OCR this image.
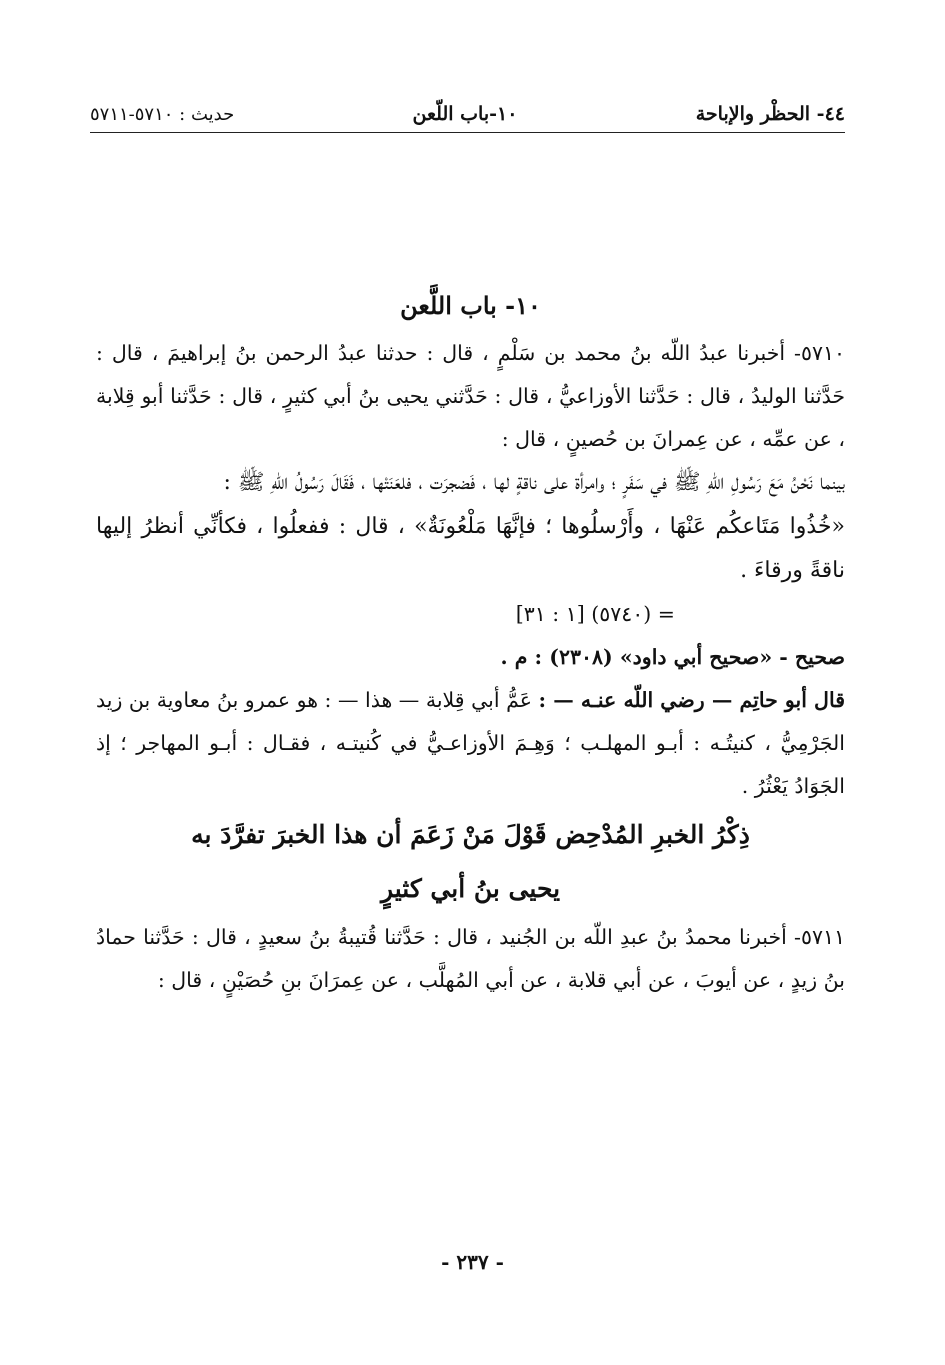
٤٤- الحظْر والإباحة
١٠-باب اللّعن
حديث : ٥٧١٠-٥٧١١
١٠- باب اللَّعن

٥٧١٠- أخبرنا عبدُ اللّه بنُ محمد بن سَلْمٍ ، قال : حدثنا عبدُ الرحمن بنُ إبراهيمَ ، قال : حَدَّثنا الوليدُ ، قال : حَدَّثنا الأوزاعيُّ ، قال : حَدَّثني يحيى بنُ أبي كثيرٍ ، قال : حَدَّثنا أبو قِلابة ، عن عمِّه ، عن عِمرانَ بن حُصينٍ ، قال :

بينما نَحْنُ مَعَ رَسُولِ اللّهِ ﷺ في سَفَرٍ ؛ وامرأة على ناقةٍ لها ، فَضجرَت ، فلعَنَتْها ، فَقَالَ رَسُولُ اللّهِ ﷺ :

«خُذُوا مَتَاعكُم عَنْهَا ، وأَرْسلُوها ؛ فإنَّهَا مَلْعُونَةٌ» ، قال : ففعلُوا ، فكأنِّي أنظرُ إليها ناقةً ورقاءَ .

= (٥٧٤٠) [١ : ٣١]

صحيح - «صحيح أبي داود» (٢٣٠٨) : م .

قال أبو حاتِم — رضي اللّه عنـه — : عَمُّ أبي قِلابة — هذا — : هو عمرو بنُ معاوية بن زيد الجَرْمِيُّ ، كنيتُـه : أبـو المهلـب ؛ وَهِـمَ الأوزاعـيُّ في كُنيتـه ، فقـال : أبـو المهاجر ؛ إذ الجَوَادُ يَعْثُرُ .

ذِكْرُ الخبرِ المُدْحِض قَوْلَ مَنْ زَعَمَ أن هذا الخبرَ تفرَّدَ به
يحيى بنُ أبي كثيرٍ

٥٧١١- أخبرنا محمدُ بنُ عبدِ اللّه بن الجُنيد ، قال : حَدَّثنا قُتيبةُ بنُ سعيدٍ ، قال : حَدَّثنا حمادُ بنُ زيدٍ ، عن أيوبَ ، عن أبي قلابة ، عن أبي المُهلَّب ، عن عِمرَانَ بنِ حُصَيْنٍ ، قال :

- ٢٣٧ -
